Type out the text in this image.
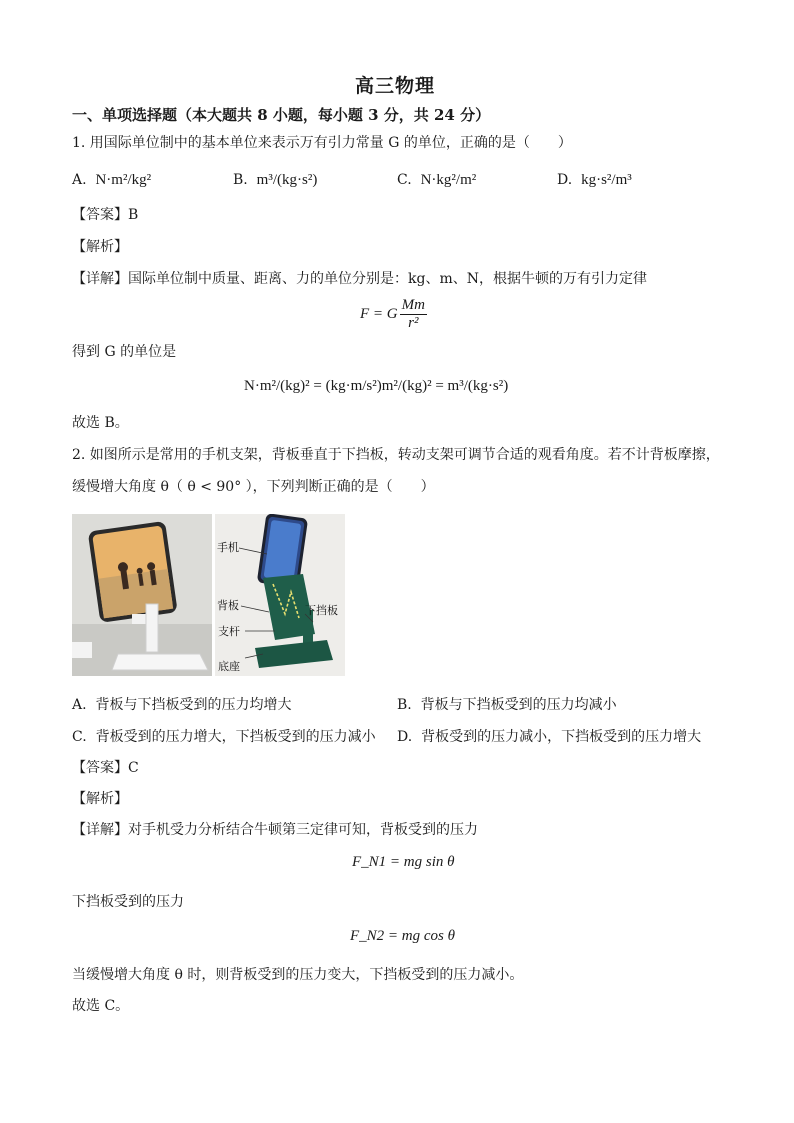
高三物理
一、单项选择题（本大题共 8 小题，每小题 3 分，共 24 分）
1. 用国际单位制中的基本单位来表示万有引力常量 G 的单位，正确的是（　　）
A. N·m²/kg²	B. m³/(kg·s²)	C. N·kg²/m²	D. kg·s²/m³
【答案】B
【解析】
【详解】国际单位制中质量、距离、力的单位分别是：kg、m、N，根据牛顿的万有引力定律
F = G $\frac{Mm}{\text{r²}}$
得到 G 的单位是
N·m²/(kg)² = (kg·m/s²)m²/(kg)² = m³/(kg·s²)
故选 B。
2. 如图所示是常用的手机支架，背板垂直于下挡板，转动支架可调节合适的观看角度。若不计背板摩擦，
缓慢增大角度 θ（ θ < 90° ），下列判断正确的是（　　）
手机
背板
支杆
底座
下挡板
A. 背板与下挡板受到的压力均增大	B. 背板与下挡板受到的压力均减小
C. 背板受到的压力增大，下挡板受到的压力减小 D. 背板受到的压力减小，下挡板受到的压力增大
【答案】C
【解析】
【详解】对手机受力分析结合牛顿第三定律可知，背板受到的压力
F_N1 = mg sin θ
下挡板受到的压力
F_N2 = mg cos θ
当缓慢增大角度 θ 时，则背板受到的压力变大，下挡板受到的压力减小。
故选 C。
